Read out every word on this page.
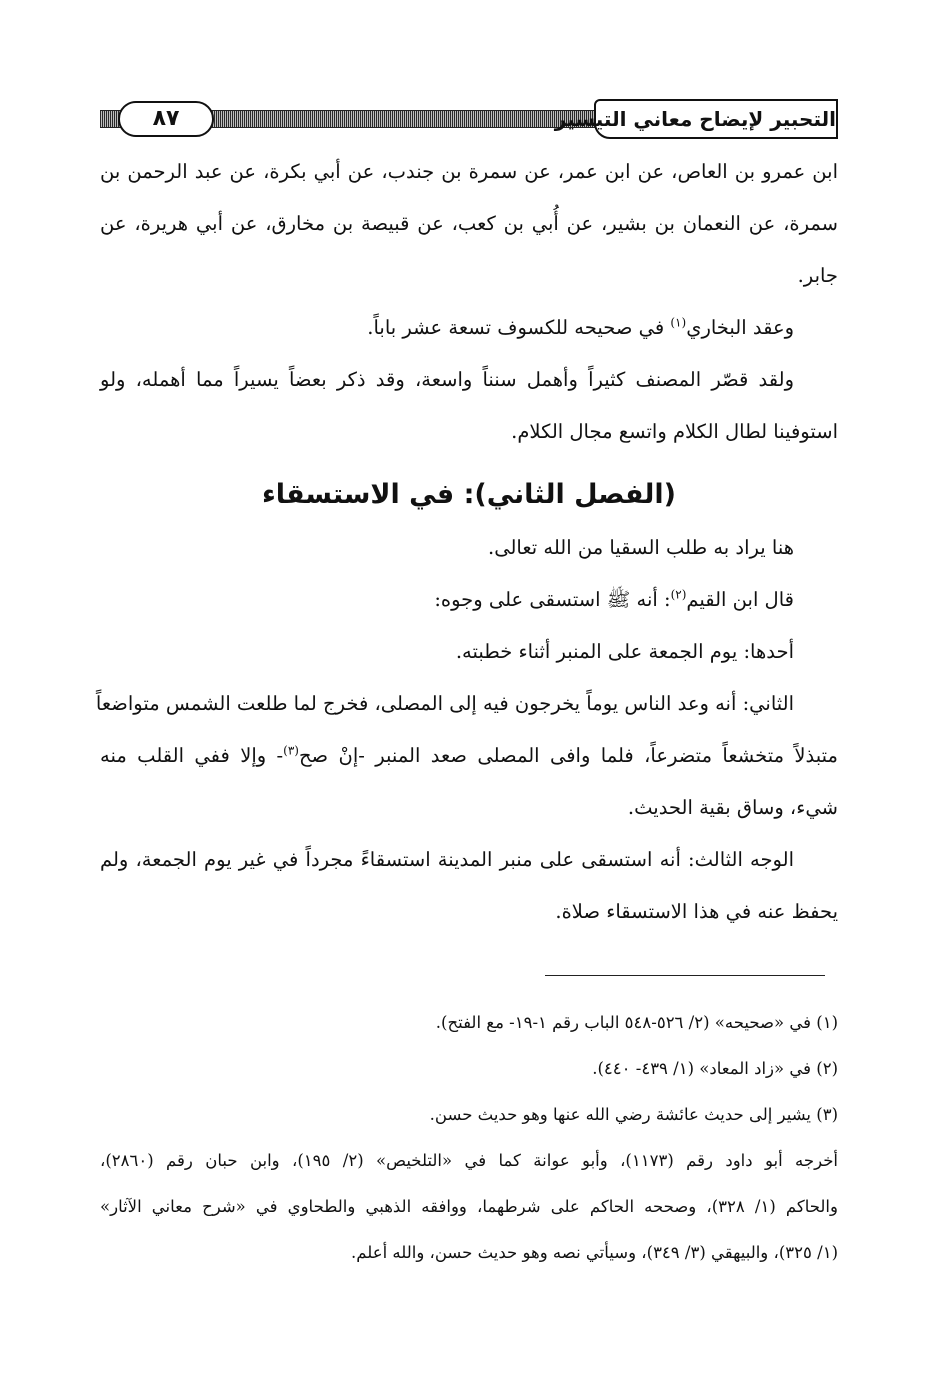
٨٧	التحبير لإيضاح معاني التيسير
ابن عمرو بن العاص، عن ابن عمر، عن سمرة بن جندب، عن أبي بكرة، عن عبد الرحمن بن
سمرة، عن النعمان بن بشير، عن أُبي بن كعب، عن قبيصة بن مخارق، عن أبي هريرة، عن
جابر.
وعقد البخاري$^{(١)}$ في صحيحه للكسوف تسعة عشر باباً.
ولقد قصّر المصنف كثيراً وأهمل سنناً واسعة، وقد ذكر بعضاً يسيراً مما أهمله، ولو
استوفينا لطال الكلام واتسع مجال الكلام.
(الفصل الثاني): في الاستسقاء
هنا يراد به طلب السقيا من الله تعالى.
قال ابن القيم$^{(٢)}$: أنه ﷺ استسقى على وجوه:
أحدها: يوم الجمعة على المنبر أثناء خطبته.
الثاني: أنه وعد الناس يوماً يخرجون فيه إلى المصلى، فخرج لما طلعت الشمس متواضعاً
متبذلاً متخشعاً متضرعاً، فلما وافى المصلى صعد المنبر -إنْ صح$^{(٣)}$- وإلا ففي القلب منه
شيء، وساق بقية الحديث.
الوجه الثالث: أنه استسقى على منبر المدينة استسقاءً مجرداً في غير يوم الجمعة، ولم
يحفظ عنه في هذا الاستسقاء صلاة.
(١) في «صحيحه» (٢/ ٥٢٦-٥٤٨ الباب رقم ١-١٩- مع الفتح).
(٢) في «زاد المعاد» (١/ ٤٣٩- ٤٤٠).
(٣) يشير إلى حديث عائشة رضي الله عنها وهو حديث حسن.
أخرجه أبو داود رقم (١١٧٣)، وأبو عوانة كما في «التلخيص» (٢/ ١٩٥)، وابن حبان رقم (٢٨٦٠)،
والحاكم (١/ ٣٢٨)، وصححه الحاكم على شرطهما، ووافقه الذهبي والطحاوي في «شرح معاني الآثار»
(١/ ٣٢٥)، والبيهقي (٣/ ٣٤٩)، وسيأتي نصه وهو حديث حسن، والله أعلم.
